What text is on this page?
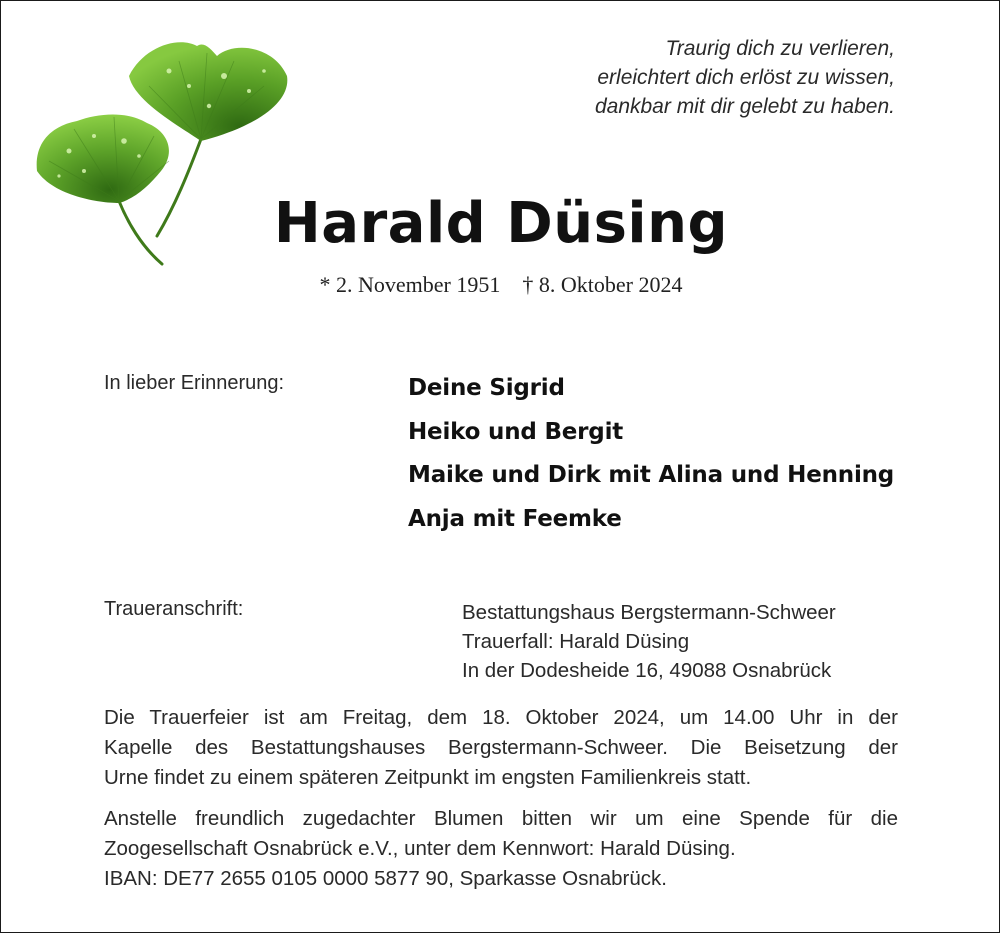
Traurig dich zu verlieren,
erleichtert dich erlöst zu wissen,
dankbar mit dir gelebt zu haben.
Harald Düsing
* 2. November 1951 † 8. Oktober 2024
In lieber Erinnerung:	Deine Sigrid
Heiko und Bergit
Maike und Dirk mit Alina und Henning
Anja mit Feemke
Traueranschrift:	Bestattungshaus Bergstermann-Schweer
Trauerfall: Harald Düsing
In der Dodesheide 16, 49088 Osnabrück
Die Trauerfeier ist am Freitag, dem 18. Oktober 2024, um 14.00 Uhr in der
Kapelle des Bestattungshauses Bergstermann-Schweer. Die Beisetzung der
Urne findet zu einem späteren Zeitpunkt im engsten Familienkreis statt.
Anstelle freundlich zugedachter Blumen bitten wir um eine Spende für die
Zoogesellschaft Osnabrück e.V., unter dem Kennwort: Harald Düsing.
IBAN: DE77 2655 0105 0000 5877 90, Sparkasse Osnabrück.
